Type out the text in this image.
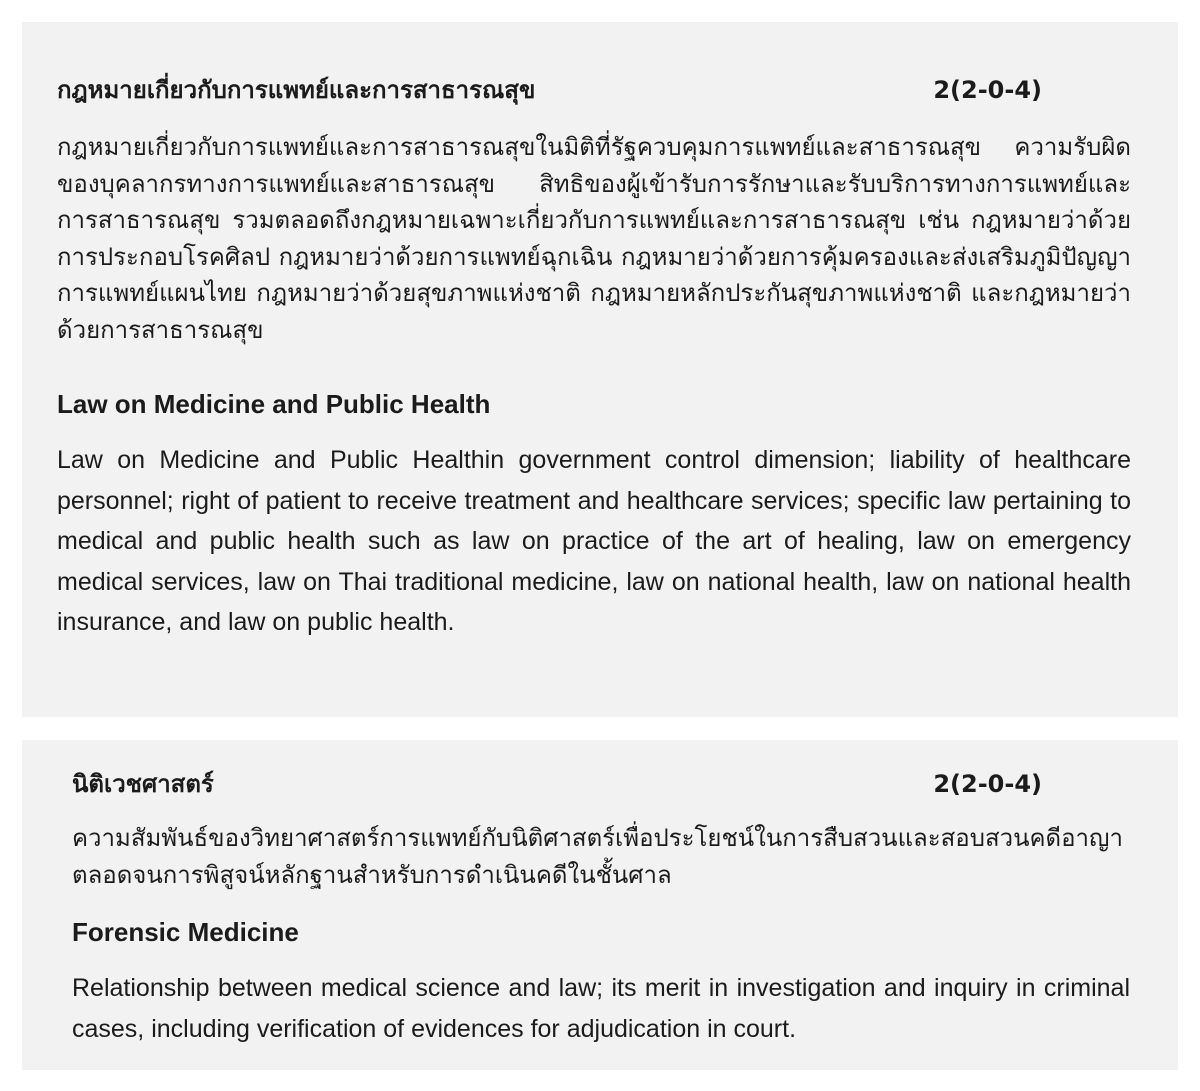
กฎหมายเกี่ยวกับการแพทย์และการสาธารณสุข	2(2-0-4)

กฎหมายเกี่ยวกับการแพทย์และการสาธารณสุขในมิติที่รัฐควบคุมการแพทย์และสาธารณสุข ความรับผิดของบุคลากรทางการแพทย์และสาธารณสุข สิทธิของผู้เข้ารับการรักษาและรับบริการทางการแพทย์และการสาธารณสุข รวมตลอดถึงกฎหมายเฉพาะเกี่ยวกับการแพทย์และการสาธารณสุข เช่น กฎหมายว่าด้วยการประกอบโรคศิลป กฎหมายว่าด้วยการแพทย์ฉุกเฉิน กฎหมายว่าด้วยการคุ้มครองและส่งเสริมภูมิปัญญาการแพทย์แผนไทย กฎหมายว่าด้วยสุขภาพแห่งชาติ กฎหมายหลักประกันสุขภาพแห่งชาติ และกฎหมายว่าด้วยการสาธารณสุข

Law on Medicine and Public Health

Law on Medicine and Public Healthin government control dimension; liability of healthcare personnel; right of patient to receive treatment and healthcare services; specific law pertaining to medical and public health such as law on practice of the art of healing, law on emergency medical services, law on Thai traditional medicine, law on national health, law on national health insurance, and law on public health.

นิติเวชศาสตร์	2(2-0-4)

ความสัมพันธ์ของวิทยาศาสตร์การแพทย์กับนิติศาสตร์เพื่อประโยชน์ในการสืบสวนและสอบสวนคดีอาญา ตลอดจนการพิสูจน์หลักฐานสำหรับการดำเนินคดีในชั้นศาล

Forensic Medicine

Relationship between medical science and law; its merit in investigation and inquiry in criminal cases, including verification of evidences for adjudication in court.
